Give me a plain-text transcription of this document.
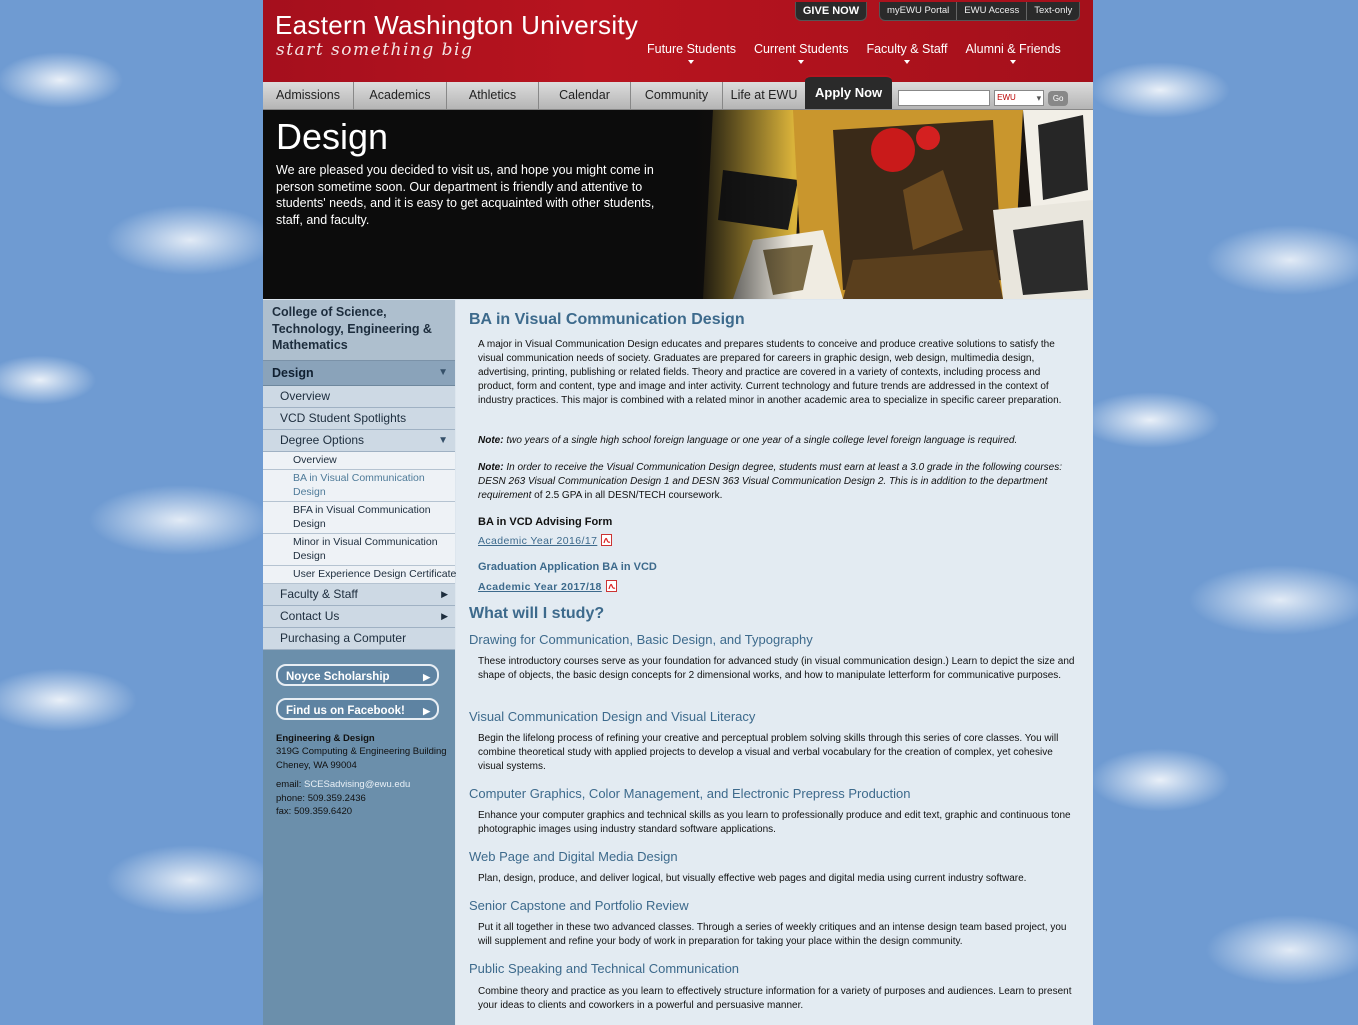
Eastern Washington University
start something big
GIVE NOW	myEWU Portal	EWU Access	Text-only
Future Students Current Students Faculty & Staff Alumni & Friends
Admissions	Academics	Athletics	Calendar	Community	Life at EWU	Apply Now	EWU ▾	Go
Design
We are pleased you decided to visit us, and hope you might come in person sometime soon. Our department is friendly and attentive to students' needs, and it is easy to get acquainted with other students, staff, and faculty.
College of Science, Technology, Engineering & Mathematics
Design	▼
Overview
VCD Student Spotlights
Degree Options	▼
Overview
BA in Visual Communication Design
BFA in Visual Communication Design
Minor in Visual Communication Design
User Experience Design Certificate
Faculty & Staff	▶
Contact Us	▶
Purchasing a Computer
Noyce Scholarship	▶
Find us on Facebook! ▶
Engineering & Design
319G Computing & Engineering Building
Cheney, WA 99004

email: SCESadvising@ewu.edu
phone: 509.359.2436
fax: 509.359.6420
BA in Visual Communication Design
A major in Visual Communication Design educates and prepares students to conceive and produce creative solutions to satisfy the visual communication needs of society. Graduates are prepared for careers in graphic design, web design, multimedia design, advertising, printing, publishing or related fields. Theory and practice are covered in a variety of contexts, including process and product, form and content, type and image and inter activity. Current technology and future trends are addressed in the context of industry practices. This major is combined with a related minor in another academic area to specialize in specific career preparation.
Note: two years of a single high school foreign language or one year of a single college level foreign language is required.
Note: In order to receive the Visual Communication Design degree, students must earn at least a 3.0 grade in the following courses: DESN 263 Visual Communication Design 1 and DESN 363 Visual Communication Design 2. This is in addition to the department requirement of 2.5 GPA in all DESN/TECH coursework.
BA in VCD Advising Form
Academic Year 2016/17
Graduation Application BA in VCD
Academic Year 2017/18
What will I study?
Drawing for Communication, Basic Design, and Typography
These introductory courses serve as your foundation for advanced study (in visual communication design.) Learn to depict the size and shape of objects, the basic design concepts for 2 dimensional works, and how to manipulate letterform for communicative purposes.
Visual Communication Design and Visual Literacy
Begin the lifelong process of refining your creative and perceptual problem solving skills through this series of core classes. You will combine theoretical study with applied projects to develop a visual and verbal vocabulary for the creation of complex, yet cohesive visual systems.
Computer Graphics, Color Management, and Electronic Prepress Production
Enhance your computer graphics and technical skills as you learn to professionally produce and edit text, graphic and continuous tone photographic images using industry standard software applications.
Web Page and Digital Media Design
Plan, design, produce, and deliver logical, but visually effective web pages and digital media using current industry software.
Senior Capstone and Portfolio Review
Put it all together in these two advanced classes. Through a series of weekly critiques and an intense design team based project, you will supplement and refine your body of work in preparation for taking your place within the design community.
Public Speaking and Technical Communication
Combine theory and practice as you learn to effectively structure information for a variety of purposes and audiences. Learn to present your ideas to clients and coworkers in a powerful and persuasive manner.
